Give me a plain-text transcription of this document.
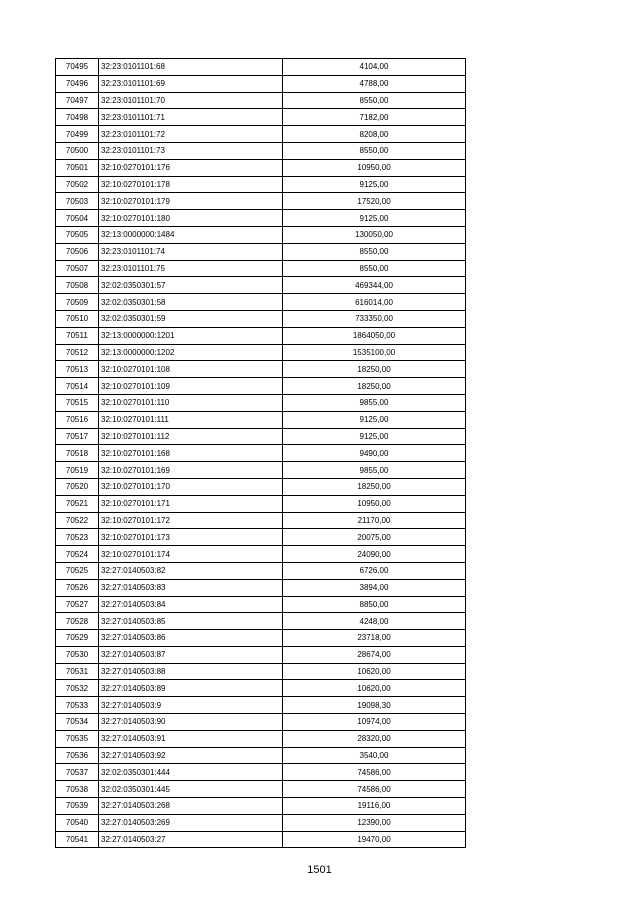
70495	32:23:0101101:68	4104,00
70496	32:23:0101101:69	4788,00
70497	32:23:0101101:70	8550,00
70498	32:23:0101101:71	7182,00
70499	32:23:0101101:72	8208,00
70500	32:23:0101101:73	8550,00
70501	32:10:0270101:176	10950,00
70502	32:10:0270101:178	9125,00
70503	32:10:0270101:179	17520,00
70504	32:10:0270101:180	9125,00
70505	32:13:0000000:1484	130050,00
70506	32:23:0101101:74	8550,00
70507	32:23:0101101:75	8550,00
70508	32:02:0350301:57	469344,00
70509	32:02:0350301:58	616014,00
70510	32:02:0350301:59	733350,00
70511	32:13:0000000:1201	1864050,00
70512	32:13:0000000:1202	1535100,00
70513	32:10:0270101:108	18250,00
70514	32:10:0270101:109	18250,00
70515	32:10:0270101:110	9855,00
70516	32:10:0270101:111	9125,00
70517	32:10:0270101:112	9125,00
70518	32:10:0270101:168	9490,00
70519	32:10:0270101:169	9855,00
70520	32:10:0270101:170	18250,00
70521	32:10:0270101:171	10950,00
70522	32:10:0270101:172	21170,00
70523	32:10:0270101:173	20075,00
70524	32:10:0270101:174	24090,00
70525	32:27:0140503:82	6726,00
70526	32:27:0140503:83	3894,00
70527	32:27:0140503:84	8850,00
70528	32:27:0140503:85	4248,00
70529	32:27:0140503:86	23718,00
70530	32:27:0140503:87	28674,00
70531	32:27:0140503:88	10620,00
70532	32:27:0140503:89	10620,00
70533	32:27:0140503:9	19098,30
70534	32:27:0140503:90	10974,00
70535	32:27:0140503:91	28320,00
70536	32:27:0140503:92	3540,00
70537	32:02:0350301:444	74586,00
70538	32:02:0350301:445	74586,00
70539	32:27:0140503:268	19116,00
70540	32:27:0140503:269	12390,00
70541	32:27:0140503:27	19470,00
1501
